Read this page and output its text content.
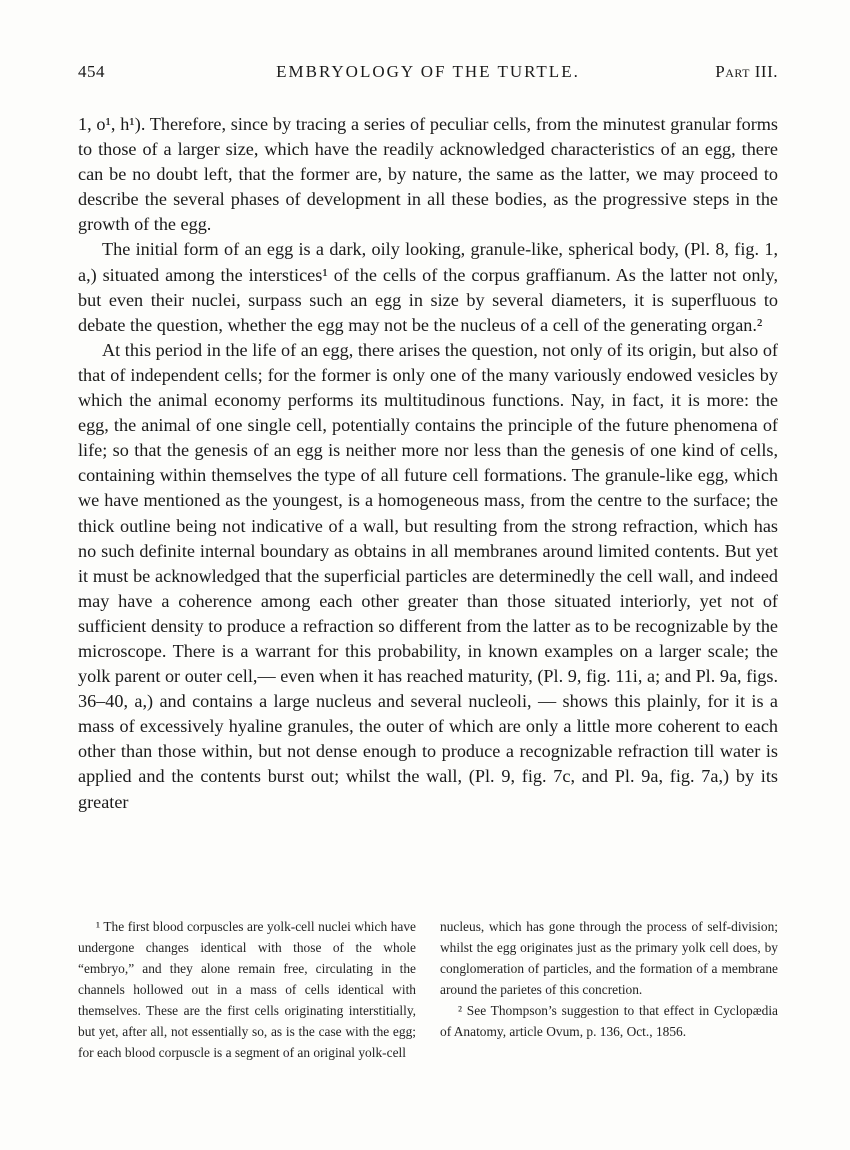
454	EMBRYOLOGY OF THE TURTLE.	Part III.

1, o¹, h¹). Therefore, since by tracing a series of peculiar cells, from the minutest granular forms to those of a larger size, which have the readily acknowledged characteristics of an egg, there can be no doubt left, that the former are, by nature, the same as the latter, we may proceed to describe the several phases of development in all these bodies, as the progressive steps in the growth of the egg.

The initial form of an egg is a dark, oily looking, granule-like, spherical body, (Pl. 8, fig. 1, a,) situated among the interstices¹ of the cells of the corpus graffianum. As the latter not only, but even their nuclei, surpass such an egg in size by several diameters, it is superfluous to debate the question, whether the egg may not be the nucleus of a cell of the generating organ.²

At this period in the life of an egg, there arises the question, not only of its origin, but also of that of independent cells; for the former is only one of the many variously endowed vesicles by which the animal economy performs its multitudinous functions. Nay, in fact, it is more: the egg, the animal of one single cell, potentially contains the principle of the future phenomena of life; so that the genesis of an egg is neither more nor less than the genesis of one kind of cells, containing within themselves the type of all future cell formations. The granule-like egg, which we have mentioned as the youngest, is a homogeneous mass, from the centre to the surface; the thick outline being not indicative of a wall, but resulting from the strong refraction, which has no such definite internal boundary as obtains in all membranes around limited contents. But yet it must be acknowledged that the superficial particles are determinedly the cell wall, and indeed may have a coherence among each other greater than those situated interiorly, yet not of sufficient density to produce a refraction so different from the latter as to be recognizable by the microscope. There is a warrant for this probability, in known examples on a larger scale; the yolk parent or outer cell,— even when it has reached maturity, (Pl. 9, fig. 11i, a; and Pl. 9a, figs. 36–40, a,) and contains a large nucleus and several nucleoli, — shows this plainly, for it is a mass of excessively hyaline granules, the outer of which are only a little more coherent to each other than those within, but not dense enough to produce a recognizable refraction till water is applied and the contents burst out; whilst the wall, (Pl. 9, fig. 7c, and Pl. 9a, fig. 7a,) by its greater

¹ The first blood corpuscles are yolk-cell nuclei which have undergone changes identical with those of the whole “embryo,” and they alone remain free, circulating in the channels hollowed out in a mass of cells identical with themselves. These are the first cells originating interstitially, but yet, after all, not essentially so, as is the case with the egg; for each blood corpuscle is a segment of an original yolk-cell

nucleus, which has gone through the process of self-division; whilst the egg originates just as the primary yolk cell does, by conglomeration of particles, and the formation of a membrane around the parietes of this concretion.

² See Thompson’s suggestion to that effect in Cyclopædia of Anatomy, article Ovum, p. 136, Oct., 1856.
